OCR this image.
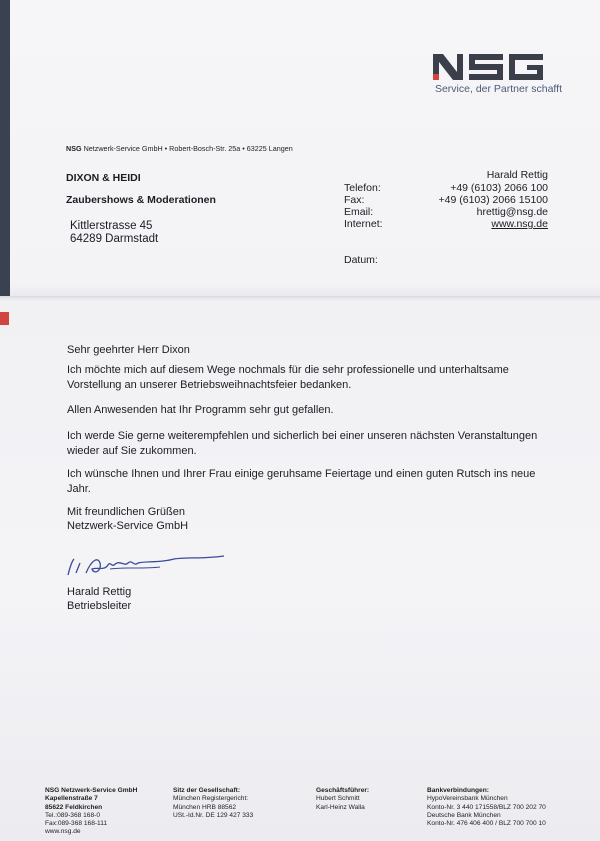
Service, der Partner schafft
NSG Netzwerk-Service GmbH • Robert-Bosch-Str. 25a • 63225 Langen
DIXON & HEIDI
Zaubershows & Moderationen
Kittlerstrasse 45
64289 Darmstadt
Harald Rettig
Telefon:	+49 (6103) 2066 100
Fax:	+49 (6103) 2066 15100
Email:	hrettig@nsg.de
Internet:	www.nsg.de
Datum:
Sehr geehrter Herr Dixon
Ich möchte mich auf diesem Wege nochmals für die sehr professionelle und unterhaltsame Vorstellung an unserer Betriebsweihnachtsfeier bedanken.
Allen Anwesenden hat Ihr Programm sehr gut gefallen.
Ich werde Sie gerne weiterempfehlen und sicherlich bei einer unseren nächsten Veranstaltungen wieder auf Sie zukommen.
Ich wünsche Ihnen und Ihrer Frau einige geruhsame Feiertage und einen guten Rutsch ins neue Jahr.
Mit freundlichen Grüßen
Netzwerk-Service GmbH
Harald Rettig
Betriebsleiter
NSG Netzwerk-Service GmbH
Kapellenstraße 7
85622 Feldkirchen
Tel.:089-368 168-0
Fax:089-368 168-111
www.nsg.de
Sitz der Gesellschaft:
München Registergericht:
München HRB 88562
USt.-Id.Nr. DE 129 427 333
Geschäftsführer:
Hubert Schmitt
Karl-Heinz Walla
Bankverbindungen:
HypoVereinsbank München
Konto-Nr. 3 440 171558/BLZ 700 202 70
Deutsche Bank München
Konto-Nr. 476 406 400 / BLZ 700 700 10
